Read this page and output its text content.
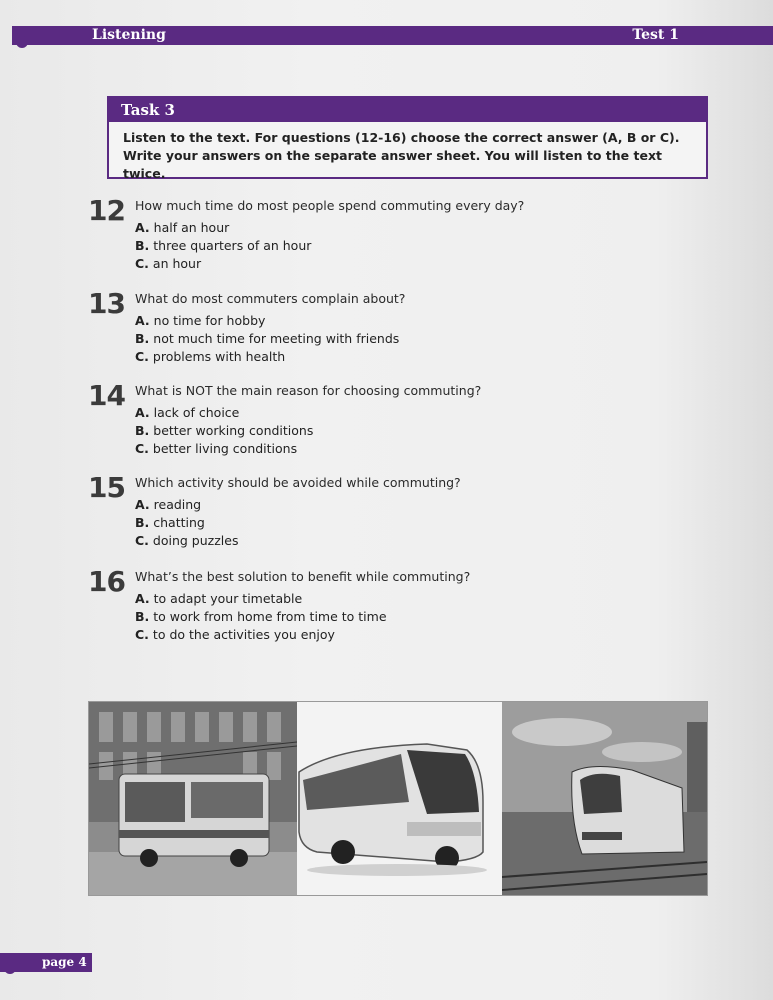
Listening	Test 1
Task 3
Listen to the text. For questions (12-16) choose the correct answer (A, B or C). Write your answers on the separate answer sheet. You will listen to the text twice.
12 How much time do most people spend commuting every day?
A. half an hour
B. three quarters of an hour
C. an hour
13 What do most commuters complain about?
A. no time for hobby
B. not much time for meeting with friends
C. problems with health
14 What is NOT the main reason for choosing commuting?
A. lack of choice
B. better working conditions
C. better living conditions
15 Which activity should be avoided while commuting?
A. reading
B. chatting
C. doing puzzles
16 What’s the best solution to benefit while commuting?
A. to adapt your timetable
B. to work from home from time to time
C. to do the activities you enjoy
page 4
